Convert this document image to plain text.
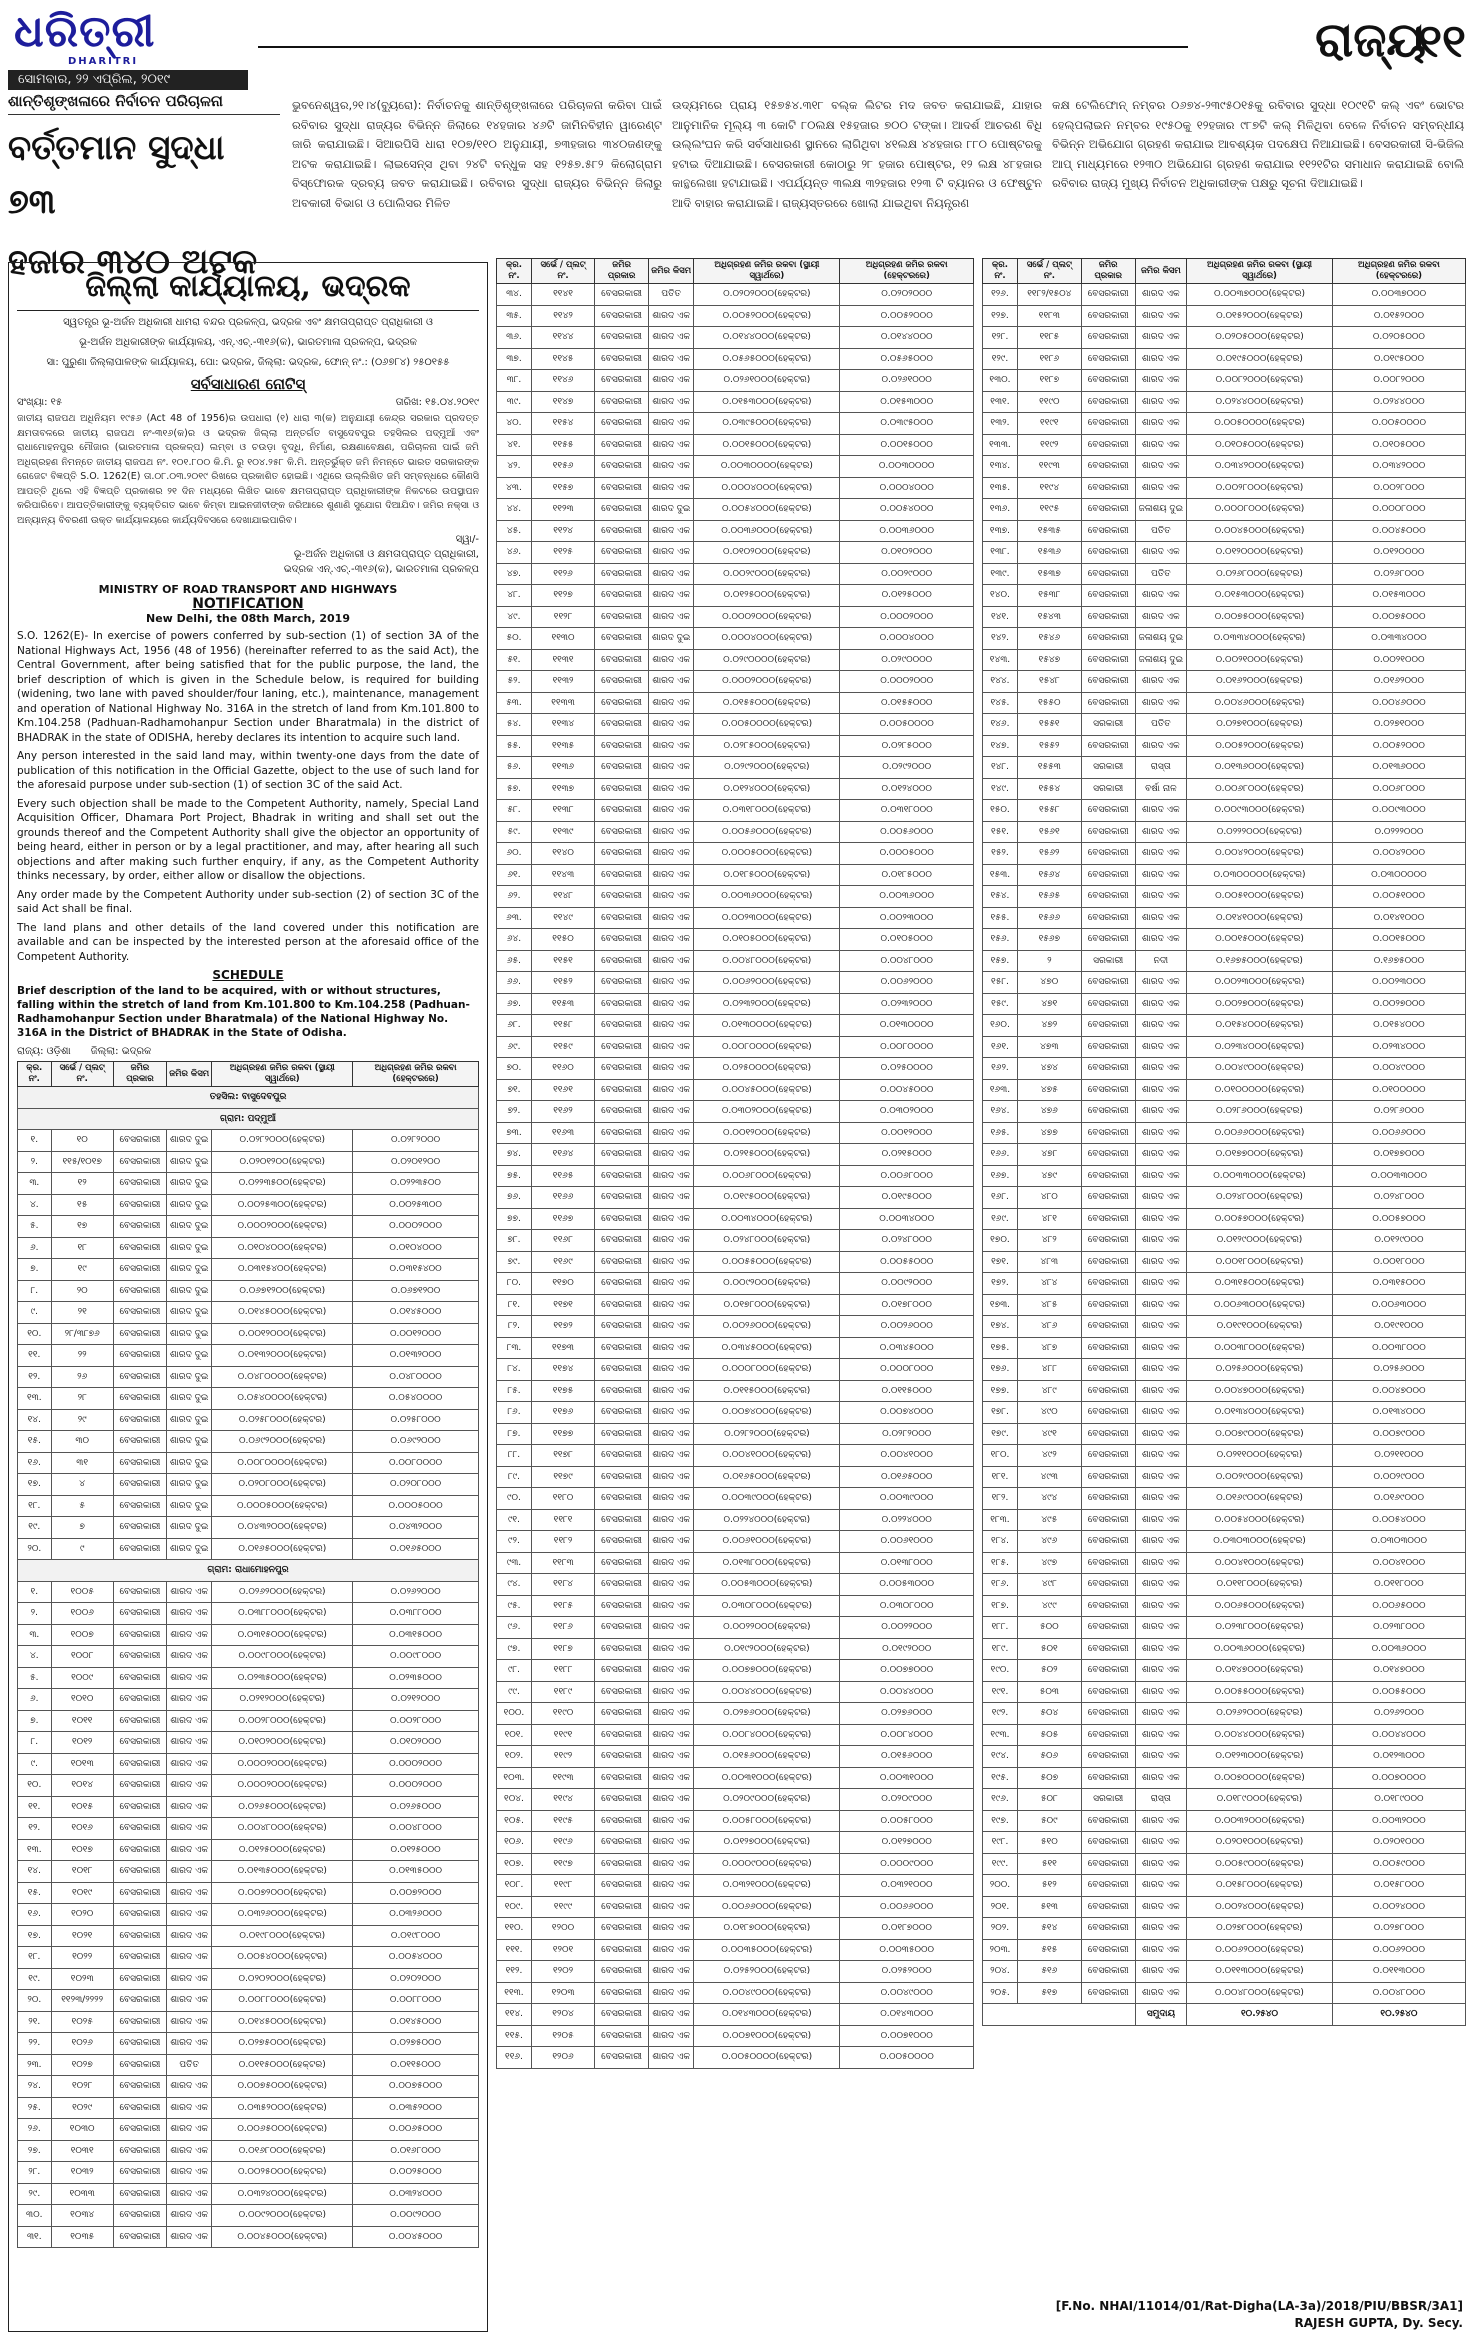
ଧରିତ୍ରୀ
DHARITRI
ସୋମବାର, ୨୨ ଏପ୍ରିଲ, ୨୦୧୯
ରାଜ୍ୟ
୧୧
ଶାନ୍ତିଶୃଙ୍ଖଳାରେ ନିର୍ବାଚନ ପରିଚାଳନା
ବର୍ତ୍ତମାନ ସୁଦ୍ଧା ୭୩
ହଜାର ୩୪୦ ଅଟକ
ଭୁବନେଶ୍ୱର,୨୧।୪(ବ୍ୟୁରୋ): ନିର୍ବାଚନକୁ ଶାନ୍ତିଶୃଙ୍ଖଳାରେ ପରିଚାଳନା କରିବା ପାଇଁ ରବିବାର ସୁଦ୍ଧା ରାଜ୍ୟର ବିଭିନ୍ନ ଜିଲାରେ ୧୪ହଜାର ୪୬ଟି ଜାମିନବିହୀନ ୱାରେଣ୍ଟ ଜାରି କରାଯାଇଛି। ସିଆରପିସି ଧାରା ୧୦୭/୧୧୦ ଅନୁଯାୟୀ, ୭୩ହଜାର ୩୪୦ଜଣଙ୍କୁ ଅଟକ କରାଯାଇଛି। ଲାଇସେନ୍ସ ଥିବା ୨୪ଟି ବନ୍ଧୁକ ସହ ୧୨୫୭.୫୮୨ କିଲୋଗ୍ରାମ ବିସ୍ଫୋରକ ଦ୍ରବ୍ୟ ଜବତ କରାଯାଇଛି। ରବିବାର ସୁଦ୍ଧା ରାଜ୍ୟର ବିଭିନ୍ନ ଜିଲାରୁ ଅବକାରୀ ବିଭାଗ ଓ ପୋଲିସର ମିଳିତ
ଉଦ୍ୟମରେ ପ୍ରାୟ ୧୫୭୫୪.୩୧୮ ବଲ୍କ ଲିଟର ମଦ ଜବତ କରାଯାଇଛି, ଯାହାର ଆନୁମାନିକ ମୂଲ୍ୟ ୩ କୋଟି ୮୦ଲକ୍ଷ ୧୫ହଜାର ୭୦୦ ଟଙ୍କା। ଆଦର୍ଶ ଆଚରଣ ବିଧି ଉଲ୍ଲଂଘନ କରି ସର୍ବସାଧାରଣ ସ୍ଥାନରେ ଲାଗିଥିବା ୪୧ଲକ୍ଷ ୪୪ହଜାର ୮୮୦ ପୋଷ୍ଟରକୁ ହଟାଇ ଦିଆଯାଇଛି। ବେସରକାରୀ କୋଠାରୁ ୨୮ ହଜାର ପୋଷ୍ଟର, ୧୨ ଲକ୍ଷ ୪୮ହଜାର କାନ୍ଥଲେଖା ହଟାଯାଇଛି। ଏପର୍ଯ୍ୟନ୍ତ ୩ଲକ୍ଷ ୩୨ହଜାର ୧୨୩ ଟି ବ୍ୟାନର ଓ ଫେଷ୍ଟୁନ ଆଦି ବାହାର କରାଯାଇଛି। ରାଜ୍ୟସ୍ତରରେ ଖୋଲା ଯାଇଥିବା ନିୟନ୍ତ୍ରଣ
କକ୍ଷ ଟେଲିଫୋନ୍ ନମ୍ବର ୦୬୭୪-୨୩୯୫୦୧୫କୁ ରବିବାର ସୁଦ୍ଧା ୧୦୯୧ଟି କଲ୍ ଏବଂ ଭୋଟର ହେଲ୍ପଲାଇନ ନମ୍ବର ୧୯୫୦କୁ ୧୨ହଜାର ୯୮୭ଟି କଲ୍ ମିଳିଥିବା ବେଳେ ନିର୍ବାଚନ ସମ୍ବନ୍ଧୀୟ ବିଭିନ୍ନ ଅଭିଯୋଗ ଗ୍ରହଣ କରାଯାଇ ଆବଶ୍ୟକ ପଦକ୍ଷେପ ନିଆଯାଇଛି। ବେସରକାରୀ ସି-ଭିଜିଲ ଆପ୍ ମାଧ୍ୟମରେ ୧୨୩୦ ଅଭିଯୋଗ ଗ୍ରହଣ କରାଯାଇ ୧୧୨୧ଟିର ସମାଧାନ କରାଯାଇଛି ବୋଲି ରବିବାର ରାଜ୍ୟ ମୁଖ୍ୟ ନିର୍ବାଚନ ଅଧିକାରୀଙ୍କ ପକ୍ଷରୁ ସୂଚନା ଦିଆଯାଇଛି।
ଜିଲ୍ଲା କାର୍ଯ୍ୟାଳୟ, ଭଦ୍ରକ
ସ୍ୱତନ୍ତ୍ର ଭୂ-ଅର୍ଜନ ଅଧିକାରୀ ଧାମରା ବନ୍ଦର ପ୍ରକଳ୍ପ, ଭଦ୍ରକ ଏବଂ କ୍ଷମତାପ୍ରାପ୍ତ ପ୍ରାଧିକାରୀ ଓ
ଭୂ-ଅର୍ଜନ ଅଧିକାରୀଙ୍କ କାର୍ଯ୍ୟାଳୟ, ଏନ୍.ଏଚ୍.-୩୧୬(କ), ଭାରତମାଳା ପ୍ରକଳ୍ପ, ଭଦ୍ରକ
ସା: ପୁରୁଣା ଜିଲ୍ଲାପାଳଙ୍କ କାର୍ଯ୍ୟାଳୟ, ପୋ: ଭଦ୍ରକ, ଜିଲ୍ଲା: ଭଦ୍ରକ, ଫୋନ୍ ନଂ.: (୦୬୭୮୪) ୨୫୦୧୫୫
ସର୍ବସାଧାରଣ ନୋଟିସ୍
ସଂଖ୍ୟା: ୧୫	ତାରିଖ: ୧୫.୦୪.୨୦୧୯
ଜାତୀୟ ରାଜପଥ ଅଧିନିୟମ ୧୯୫୬ (Act 48 of 1956)ର ଉପଧାରା (୧) ଧାରା ୩(କ) ଅନୁଯାୟୀ କେନ୍ଦ୍ର ସରକାର ପ୍ରଦତ୍ତ କ୍ଷମତାବଳରେ ଜାତୀୟ ରାଜପଥ ନଂ-୩୧୬(କ)ର ଓ ଭଦ୍ରକ ଜିଲ୍ଲା ଅନ୍ତର୍ଗତ ବାସୁଦେବପୁର ତହସିଲର ପଦ୍ମୁଆଁ ଏବଂ ରାଧାମୋହନପୁର ମୌଜାର (ଭାରତମାଳା ପ୍ରକଳ୍ପ) ଲମ୍ବା ଓ ଚଉଡ଼ା ବୃଦ୍ଧି, ନିର୍ମାଣ, ରକ୍ଷଣାବେକ୍ଷଣ, ପରିଚାଳନା ପାଇଁ ଜମି ଅଧିଗ୍ରହଣ ନିମନ୍ତେ ଜାତୀୟ ରାଜପଥ ନଂ. ୧୦୧.୮୦୦ କି.ମି. ରୁ ୧୦୪.୨୫୮ କି.ମି. ଅନ୍ତର୍ଭୁକ୍ତ ଜମି ନିମନ୍ତେ ଭାରତ ସରକାରଙ୍କ ଗେଜେଟ ବିଜ୍ଞପ୍ତି S.O. 1262(E) ତା.୦୮.୦୩.୨୦୧୯ ରିଖରେ ପ୍ରକାଶିତ ହୋଇଛି। ଏଥିରେ ଉଲ୍ଲିଖିତ ଜମି ସମ୍ବନ୍ଧରେ କୌଣସି ଆପତ୍ତି ଥିଲେ ଏହି ବିଜ୍ଞପ୍ତି ପ୍ରକାଶର ୨୧ ଦିନ ମଧ୍ୟରେ ଲିଖିତ ଭାବେ କ୍ଷମତାପ୍ରାପ୍ତ ପ୍ରାଧିକାରୀଙ୍କ ନିକଟରେ ଉପସ୍ଥାପନ କରିପାରିବେ। ଆପତ୍ତିକାରୀଙ୍କୁ ବ୍ୟକ୍ତିଗତ ଭାବେ କିମ୍ବା ଆଇନଜୀବୀଙ୍କ ଜରିଆରେ ଶୁଣାଣି ସୁଯୋଗ ଦିଆଯିବ। ଜମିର ନକ୍ସା ଓ ଅନ୍ୟାନ୍ୟ ବିବରଣୀ ଉକ୍ତ କାର୍ଯ୍ୟାଳୟରେ କାର୍ଯ୍ୟଦିବସରେ ଦେଖାଯାଇପାରିବ।
ସ୍ୱା/-
ଭୂ-ଅର୍ଜନ ଅଧିକାରୀ ଓ କ୍ଷମତାପ୍ରାପ୍ତ ପ୍ରାଧିକାରୀ,
ଭଦ୍ରକ ଏନ୍.ଏଚ୍.-୩୧୬(କ), ଭାରତମାଳା ପ୍ରକଳ୍ପ
MINISTRY OF ROAD TRANSPORT AND HIGHWAYS
NOTIFICATION
New Delhi, the 08th March, 2019
S.O. 1262(E)- In exercise of powers conferred by sub-section (1) of section 3A of the National Highways Act, 1956 (48 of 1956) (hereinafter referred to as the said Act), the Central Government, after being satisfied that for the public purpose, the land, the brief description of which is given in the Schedule below, is required for building (widening, two lane with paved shoulder/four laning, etc.), maintenance, management and operation of National Highway No. 316A in the stretch of land from Km.101.800 to Km.104.258 (Padhuan-Radhamohanpur Section under Bharatmala) in the district of BHADRAK in the state of ODISHA, hereby declares its intention to acquire such land.
Any person interested in the said land may, within twenty-one days from the date of publication of this notification in the Official Gazette, object to the use of such land for the aforesaid purpose under sub-section (1) of section 3C of the said Act.
Every such objection shall be made to the Competent Authority, namely, Special Land Acquisition Officer, Dhamara Port Project, Bhadrak in writing and shall set out the grounds thereof and the Competent Authority shall give the objector an opportunity of being heard, either in person or by a legal practitioner, and may, after hearing all such objections and after making such further enquiry, if any, as the Competent Authority thinks necessary, by order, either allow or disallow the objections.
Any order made by the Competent Authority under sub-section (2) of section 3C of the said Act shall be final.
The land plans and other details of the land covered under this notification are available and can be inspected by the interested person at the aforesaid office of the Competent Authority.
SCHEDULE
Brief description of the land to be acquired, with or without structures, falling within the stretch of land from Km.101.800 to Km.104.258 (Padhuan-Radhamohanpur Section under Bharatmala) of the National Highway No. 316A in the District of BHADRAK in the State of Odisha.
ରାଜ୍ୟ: ଓଡ଼ିଶା ଜିଲ୍ଲା: ଭଦ୍ରକ
କ୍ର. ନଂ.	ସର୍ଭେ / ପ୍ଲଟ୍ ନଂ.	ଜମିର ପ୍ରକାର	ଜମିର କିସମ	ଅଧିଗ୍ରହଣ ଜମିର ରକବା (ସ୍ଥାୟୀ ସ୍ୱାର୍ଥରେ)	ଅଧିଗ୍ରହଣ ଜମିର ରକବା (ହେକ୍ଟରରେ)
ତହସିଲ: ବାସୁଦେବପୁର					
ଗ୍ରାମ: ପଦ୍ମୁଆଁ					
୧.	୧୦	ବେସରକାରୀ	ଶାରଦ ଦୁଇ	୦.୦୨୮୨୦୦୦(ହେକ୍ଟର)	୦.୦୨୮୨୦୦୦
୨.	୧୧୫/୧୦୧୭	ବେସରକାରୀ	ଶାରଦ ଦୁଇ	୦.୦୨୦୧୨୦୦(ହେକ୍ଟର)	୦.୦୨୦୧୨୦୦
୩.	୧୨	ବେସରକାରୀ	ଶାରଦ ଦୁଇ	୦.୦୨୨୩୫୦୦(ହେକ୍ଟର)	୦.୦୨୨୩୫୦୦
୪.	୧୫	ବେସରକାରୀ	ଶାରଦ ଦୁଇ	୦.୦୦୨୫୩୦୦(ହେକ୍ଟର)	୦.୦୦୨୫୩୦୦
୫.	୧୭	ବେସରକାରୀ	ଶାରଦ ଦୁଇ	୦.୦୦୦୨୦୦୦(ହେକ୍ଟର)	୦.୦୦୦୨୦୦୦
୬.	୧୮	ବେସରକାରୀ	ଶାରଦ ଦୁଇ	୦.୦୧୦୪୦୦୦(ହେକ୍ଟର)	୦.୦୧୦୪୦୦୦
୭.	୧୯	ବେସରକାରୀ	ଶାରଦ ଦୁଇ	୦.୦୩୧୫୪୦୦(ହେକ୍ଟର)	୦.୦୩୧୫୪୦୦
୮.	୨୦	ବେସରକାରୀ	ଶାରଦ ଦୁଇ	୦.୦୬୭୧୨୦୦(ହେକ୍ଟର)	୦.୦୬୭୧୨୦୦
୯.	୨୧	ବେସରକାରୀ	ଶାରଦ ଦୁଇ	୦.୦୧୪୫୦୦୦(ହେକ୍ଟର)	୦.୦୧୪୫୦୦୦
୧୦.	୨୮/୩୮୭୬	ବେସରକାରୀ	ଶାରଦ ଦୁଇ	୦.୦୦୧୨୦୦୦(ହେକ୍ଟର)	୦.୦୦୧୨୦୦୦
୧୧.	୨୨	ବେସରକାରୀ	ଶାରଦ ଦୁଇ	୦.୦୧୩୨୦୦୦(ହେକ୍ଟର)	୦.୦୧୩୨୦୦୦
୧୨.	୨୬	ବେସରକାରୀ	ଶାରଦ ଦୁଇ	୦.୦୪୮୦୦୦୦(ହେକ୍ଟର)	୦.୦୪୮୦୦୦୦
୧୩.	୨୮	ବେସରକାରୀ	ଶାରଦ ଦୁଇ	୦.୦୫୪୦୦୦୦(ହେକ୍ଟର)	୦.୦୫୪୦୦୦୦
୧୪.	୨୯	ବେସରକାରୀ	ଶାରଦ ଦୁଇ	୦.୦୨୫୮୦୦୦(ହେକ୍ଟର)	୦.୦୨୫୮୦୦୦
୧୫.	୩୦	ବେସରକାରୀ	ଶାରଦ ଦୁଇ	୦.୦୬୯୨୦୦୦(ହେକ୍ଟର)	୦.୦୬୯୨୦୦୦
୧୬.	୩୧	ବେସରକାରୀ	ଶାରଦ ଦୁଇ	୦.୦୦୮୦୦୦୦(ହେକ୍ଟର)	୦.୦୦୮୦୦୦୦
୧୭.	୪	ବେସରକାରୀ	ଶାରଦ ଦୁଇ	୦.୦୨୦୮୦୦୦(ହେକ୍ଟର)	୦.୦୨୦୮୦୦୦
୧୮.	୫	ବେସରକାରୀ	ଶାରଦ ଦୁଇ	୦.୦୦୦୫୦୦୦(ହେକ୍ଟର)	୦.୦୦୦୫୦୦୦
୧୯.	୭	ବେସରକାରୀ	ଶାରଦ ଦୁଇ	୦.୦୪୩୨୦୦୦(ହେକ୍ଟର)	୦.୦୪୩୨୦୦୦
୨୦.	୯	ବେସରକାରୀ	ଶାରଦ ଦୁଇ	୦.୦୧୬୫୦୦୦(ହେକ୍ଟର)	୦.୦୧୬୫୦୦୦
ଗ୍ରାମ: ରାଧାମୋହନପୁର					
୧.	୧୦୦୫	ବେସରକାରୀ	ଶାରଦ ଏକ	୦.୦୨୬୨୦୦୦(ହେକ୍ଟର)	୦.୦୨୬୨୦୦୦
୨.	୧୦୦୬	ବେସରକାରୀ	ଶାରଦ ଏକ	୦.୦୩୮୮୦୦୦(ହେକ୍ଟର)	୦.୦୩୮୮୦୦୦
୩.	୧୦୦୭	ବେସରକାରୀ	ଶାରଦ ଏକ	୦.୦୩୧୫୦୦୦(ହେକ୍ଟର)	୦.୦୩୧୫୦୦୦
୪.	୧୦୦୮	ବେସରକାରୀ	ଶାରଦ ଏକ	୦.୦୦୯୮୦୦୦(ହେକ୍ଟର)	୦.୦୦୯୮୦୦୦
୫.	୧୦୦୯	ବେସରକାରୀ	ଶାରଦ ଏକ	୦.୦୨୩୫୦୦୦(ହେକ୍ଟର)	୦.୦୨୩୫୦୦୦
୬.	୧୦୧୦	ବେସରକାରୀ	ଶାରଦ ଏକ	୦.୦୨୧୨୦୦୦(ହେକ୍ଟର)	୦.୦୨୧୨୦୦୦
୭.	୧୦୧୧	ବେସରକାରୀ	ଶାରଦ ଏକ	୦.୦୦୨୮୦୦୦(ହେକ୍ଟର)	୦.୦୦୨୮୦୦୦
୮.	୧୦୧୨	ବେସରକାରୀ	ଶାରଦ ଏକ	୦.୦୧୦୨୦୦୦(ହେକ୍ଟର)	୦.୦୧୦୨୦୦୦
୯.	୧୦୧୩	ବେସରକାରୀ	ଶାରଦ ଏକ	୦.୦୦୦୨୦୦୦(ହେକ୍ଟର)	୦.୦୦୦୨୦୦୦
୧୦.	୧୦୧୪	ବେସରକାରୀ	ଶାରଦ ଏକ	୦.୦୦୦୨୦୦୦(ହେକ୍ଟର)	୦.୦୦୦୨୦୦୦
୧୧.	୧୦୧୫	ବେସରକାରୀ	ଶାରଦ ଏକ	୦.୦୨୬୫୦୦୦(ହେକ୍ଟର)	୦.୦୨୬୫୦୦୦
୧୨.	୧୦୧୬	ବେସରକାରୀ	ଶାରଦ ଏକ	୦.୦୦୪୮୦୦୦(ହେକ୍ଟର)	୦.୦୦୪୮୦୦୦
୧୩.	୧୦୧୭	ବେସରକାରୀ	ଶାରଦ ଏକ	୦.୦୧୨୫୦୦୦(ହେକ୍ଟର)	୦.୦୧୨୫୦୦୦
୧୪.	୧୦୧୮	ବେସରକାରୀ	ଶାରଦ ଏକ	୦.୦୧୩୫୦୦୦(ହେକ୍ଟର)	୦.୦୧୩୫୦୦୦
୧୫.	୧୦୧୯	ବେସରକାରୀ	ଶାରଦ ଏକ	୦.୦୦୭୨୦୦୦(ହେକ୍ଟର)	୦.୦୦୭୨୦୦୦
୧୬.	୧୦୨୦	ବେସରକାରୀ	ଶାରଦ ଏକ	୦.୦୩୨୬୦୦୦(ହେକ୍ଟର)	୦.୦୩୨୬୦୦୦
୧୭.	୧୦୨୧	ବେସରକାରୀ	ଶାରଦ ଏକ	୦.୦୧୯୮୦୦୦(ହେକ୍ଟର)	୦.୦୧୯୮୦୦୦
୧୮.	୧୦୨୨	ବେସରକାରୀ	ଶାରଦ ଏକ	୦.୦୦୫୪୦୦୦(ହେକ୍ଟର)	୦.୦୦୫୪୦୦୦
୧୯.	୧୦୨୩	ବେସରକାରୀ	ଶାରଦ ଏକ	୦.୦୨୦୨୦୦୦(ହେକ୍ଟର)	୦.୦୨୦୨୦୦୦
୨୦.	୧୧୨୩/୨୨୨୨	ବେସରକାରୀ	ଶାରଦ ଏକ	୦.୦୦୮୮୦୦୦(ହେକ୍ଟର)	୦.୦୦୮୮୦୦୦
୨୧.	୧୦୨୫	ବେସରକାରୀ	ଶାରଦ ଏକ	୦.୦୧୪୫୦୦୦(ହେକ୍ଟର)	୦.୦୧୪୫୦୦୦
୨୨.	୧୦୨୬	ବେସରକାରୀ	ଶାରଦ ଏକ	୦.୦୨୭୫୦୦୦(ହେକ୍ଟର)	୦.୦୨୭୫୦୦୦
୨୩.	୧୦୨୭	ବେସରକାରୀ	ପତିତ	୦.୦୧୧୫୦୦୦(ହେକ୍ଟର)	୦.୦୧୧୫୦୦୦
୨୪.	୧୦୨୮	ବେସରକାରୀ	ଶାରଦ ଏକ	୦.୦୦୭୫୦୦୦(ହେକ୍ଟର)	୦.୦୦୭୫୦୦୦
୨୫.	୧୦୨୯	ବେସରକାରୀ	ଶାରଦ ଏକ	୦.୦୩୫୨୦୦୦(ହେକ୍ଟର)	୦.୦୩୫୨୦୦୦
୨୬.	୧୦୩୦	ବେସରକାରୀ	ଶାରଦ ଏକ	୦.୦୦୬୫୦୦୦(ହେକ୍ଟର)	୦.୦୦୬୫୦୦୦
୨୭.	୧୦୩୧	ବେସରକାରୀ	ଶାରଦ ଏକ	୦.୦୧୬୮୦୦୦(ହେକ୍ଟର)	୦.୦୧୬୮୦୦୦
୨୮.	୧୦୩୨	ବେସରକାରୀ	ଶାରଦ ଏକ	୦.୦୦୨୫୦୦୦(ହେକ୍ଟର)	୦.୦୦୨୫୦୦୦
୨୯.	୧୦୩୩	ବେସରକାରୀ	ଶାରଦ ଏକ	୦.୦୩୨୪୦୦୦(ହେକ୍ଟର)	୦.୦୩୨୪୦୦୦
୩୦.	୧୦୩୪	ବେସରକାରୀ	ଶାରଦ ଏକ	୦.୦୦୯୨୦୦୦(ହେକ୍ଟର)	୦.୦୦୯୨୦୦୦
୩୧.	୧୦୩୫	ବେସରକାରୀ	ଶାରଦ ଏକ	୦.୦୦୪୫୦୦୦(ହେକ୍ଟର)	୦.୦୦୪୫୦୦୦
କ୍ର. ନଂ.	ସର୍ଭେ / ପ୍ଲଟ୍ ନଂ.	ଜମିର ପ୍ରକାର	ଜମିର କିସମ	ଅଧିଗ୍ରହଣ ଜମିର ରକବା (ସ୍ଥାୟୀ ସ୍ୱାର୍ଥରେ)	ଅଧିଗ୍ରହଣ ଜମିର ରକବା (ହେକ୍ଟରରେ)
୩୪.	୧୧୪୧	ବେସରକାରୀ	ପତିତ	୦.୦୨୦୨୦୦୦(ହେକ୍ଟର)	୦.୦୨୦୨୦୦୦
୩୫.	୧୧୪୨	ବେସରକାରୀ	ଶାରଦ ଏକ	୦.୦୦୫୨୦୦୦(ହେକ୍ଟର)	୦.୦୦୫୨୦୦୦
୩୬.	୧୧୪୪	ବେସରକାରୀ	ଶାରଦ ଏକ	୦.୦୧୪୪୦୦୦(ହେକ୍ଟର)	୦.୦୧୪୪୦୦୦
୩୭.	୧୧୪୫	ବେସରକାରୀ	ଶାରଦ ଏକ	୦.୦୫୬୫୦୦୦(ହେକ୍ଟର)	୦.୦୫୬୫୦୦୦
୩୮.	୧୧୪୬	ବେସରକାରୀ	ଶାରଦ ଏକ	୦.୦୨୬୧୦୦୦(ହେକ୍ଟର)	୦.୦୨୬୧୦୦୦
୩୯.	୧୧୪୭	ବେସରକାରୀ	ଶାରଦ ଏକ	୦.୦୧୫୩୦୦୦(ହେକ୍ଟର)	୦.୦୧୫୩୦୦୦
୪୦.	୧୧୫୪	ବେସରକାରୀ	ଶାରଦ ଏକ	୦.୦୩୯୫୦୦୦(ହେକ୍ଟର)	୦.୦୩୯୫୦୦୦
୪୧.	୧୧୫୫	ବେସରକାରୀ	ଶାରଦ ଏକ	୦.୦୦୧୫୦୦୦(ହେକ୍ଟର)	୦.୦୦୧୫୦୦୦
୪୨.	୧୧୫୬	ବେସରକାରୀ	ଶାରଦ ଏକ	୦.୦୦୩୦୦୦୦(ହେକ୍ଟର)	୦.୦୦୩୦୦୦୦
୪୩.	୧୧୫୭	ବେସରକାରୀ	ଶାରଦ ଏକ	୦.୦୦୦୪୦୦୦(ହେକ୍ଟର)	୦.୦୦୦୪୦୦୦
୪୪.	୧୧୨୩	ବେସରକାରୀ	ଶାରଦ ଦୁଇ	୦.୦୦୫୪୦୦୦(ହେକ୍ଟର)	୦.୦୦୫୪୦୦୦
୪୫.	୧୧୨୪	ବେସରକାରୀ	ଶାରଦ ଏକ	୦.୦୦୩୬୦୦୦(ହେକ୍ଟର)	୦.୦୦୩୬୦୦୦
୪୬.	୧୧୨୫	ବେସରକାରୀ	ଶାରଦ ଏକ	୦.୦୧୦୨୦୦୦(ହେକ୍ଟର)	୦.୦୧୦୨୦୦୦
୪୭.	୧୧୨୬	ବେସରକାରୀ	ଶାରଦ ଏକ	୦.୦୦୨୯୦୦୦(ହେକ୍ଟର)	୦.୦୦୨୯୦୦୦
୪୮.	୧୧୨୭	ବେସରକାରୀ	ଶାରଦ ଏକ	୦.୦୧୨୫୦୦୦(ହେକ୍ଟର)	୦.୦୧୨୫୦୦୦
୪୯.	୧୧୨୮	ବେସରକାରୀ	ଶାରଦ ଏକ	୦.୦୦୦୨୦୦୦(ହେକ୍ଟର)	୦.୦୦୦୨୦୦୦
୫୦.	୧୧୩୦	ବେସରକାରୀ	ଶାରଦ ଦୁଇ	୦.୦୦୦୪୦୦୦(ହେକ୍ଟର)	୦.୦୦୦୪୦୦୦
୫୧.	୧୧୩୧	ବେସରକାରୀ	ଶାରଦ ଏକ	୦.୦୨୯୦୦୦୦(ହେକ୍ଟର)	୦.୦୨୯୦୦୦୦
୫୨.	୧୧୩୨	ବେସରକାରୀ	ଶାରଦ ଏକ	୦.୦୦୦୨୦୦୦(ହେକ୍ଟର)	୦.୦୦୦୨୦୦୦
୫୩.	୧୧୩୩	ବେସରକାରୀ	ଶାରଦ ଏକ	୦.୦୧୫୫୦୦୦(ହେକ୍ଟର)	୦.୦୧୫୫୦୦୦
୫୪.	୧୧୩୪	ବେସରକାରୀ	ଶାରଦ ଏକ	୦.୦୦୫୦୦୦୦(ହେକ୍ଟର)	୦.୦୦୫୦୦୦୦
୫୫.	୧୧୩୫	ବେସରକାରୀ	ଶାରଦ ଏକ	୦.୦୨୮୫୦୦୦(ହେକ୍ଟର)	୦.୦୨୮୫୦୦୦
୫୬.	୧୧୩୬	ବେସରକାରୀ	ଶାରଦ ଏକ	୦.୦୨୯୨୦୦୦(ହେକ୍ଟର)	୦.୦୨୯୨୦୦୦
୫୭.	୧୧୩୭	ବେସରକାରୀ	ଶାରଦ ଏକ	୦.୦୧୨୪୦୦୦(ହେକ୍ଟର)	୦.୦୧୨୪୦୦୦
୫୮.	୧୧୩୮	ବେସରକାରୀ	ଶାରଦ ଏକ	୦.୦୩୧୮୦୦୦(ହେକ୍ଟର)	୦.୦୩୧୮୦୦୦
୫୯.	୧୧୩୯	ବେସରକାରୀ	ଶାରଦ ଏକ	୦.୦୦୫୬୦୦୦(ହେକ୍ଟର)	୦.୦୦୫୬୦୦୦
୬୦.	୧୧୪୦	ବେସରକାରୀ	ଶାରଦ ଏକ	୦.୦୦୦୫୦୦୦(ହେକ୍ଟର)	୦.୦୦୦୫୦୦୦
୬୧.	୧୧୪୩	ବେସରକାରୀ	ଶାରଦ ଏକ	୦.୦୧୮୫୦୦୦(ହେକ୍ଟର)	୦.୦୧୮୫୦୦୦
୬୨.	୧୧୪୮	ବେସରକାରୀ	ଶାରଦ ଏକ	୦.୦୦୩୬୦୦୦(ହେକ୍ଟର)	୦.୦୦୩୬୦୦୦
୬୩.	୧୧୪୯	ବେସରକାରୀ	ଶାରଦ ଏକ	୦.୦୦୨୩୦୦୦(ହେକ୍ଟର)	୦.୦୦୨୩୦୦୦
୬୪.	୧୧୫୦	ବେସରକାରୀ	ଶାରଦ ଏକ	୦.୦୧୦୫୦୦୦(ହେକ୍ଟର)	୦.୦୧୦୫୦୦୦
୬୫.	୧୧୫୧	ବେସରକାରୀ	ଶାରଦ ଏକ	୦.୦୦୪୮୦୦୦(ହେକ୍ଟର)	୦.୦୦୪୮୦୦୦
୬୬.	୧୧୫୨	ବେସରକାରୀ	ଶାରଦ ଏକ	୦.୦୦୬୨୦୦୦(ହେକ୍ଟର)	୦.୦୦୬୨୦୦୦
୬୭.	୧୧୫୩	ବେସରକାରୀ	ଶାରଦ ଏକ	୦.୦୨୩୨୦୦୦(ହେକ୍ଟର)	୦.୦୨୩୨୦୦୦
୬୮.	୧୧୫୮	ବେସରକାରୀ	ଶାରଦ ଏକ	୦.୦୧୩୦୦୦୦(ହେକ୍ଟର)	୦.୦୧୩୦୦୦୦
୬୯.	୧୧୫୯	ବେସରକାରୀ	ଶାରଦ ଏକ	୦.୦୦୮୦୦୦୦(ହେକ୍ଟର)	୦.୦୦୮୦୦୦୦
୭୦.	୧୧୬୦	ବେସରକାରୀ	ଶାରଦ ଏକ	୦.୦୨୫୦୦୦୦(ହେକ୍ଟର)	୦.୦୨୫୦୦୦୦
୭୧.	୧୧୬୧	ବେସରକାରୀ	ଶାରଦ ଏକ	୦.୦୦୪୫୦୦୦(ହେକ୍ଟର)	୦.୦୦୪୫୦୦୦
୭୨.	୧୧୬୨	ବେସରକାରୀ	ଶାରଦ ଏକ	୦.୦୩୦୨୦୦୦(ହେକ୍ଟର)	୦.୦୩୦୨୦୦୦
୭୩.	୧୧୬୩	ବେସରକାରୀ	ଶାରଦ ଏକ	୦.୦୦୧୨୦୦୦(ହେକ୍ଟର)	୦.୦୦୧୨୦୦୦
୭୪.	୧୧୬୪	ବେସରକାରୀ	ଶାରଦ ଏକ	୦.୦୨୧୫୦୦୦(ହେକ୍ଟର)	୦.୦୨୧୫୦୦୦
୭୫.	୧୧୬୫	ବେସରକାରୀ	ଶାରଦ ଏକ	୦.୦୦୬୮୦୦୦(ହେକ୍ଟର)	୦.୦୦୬୮୦୦୦
୭୬.	୧୧୬୬	ବେସରକାରୀ	ଶାରଦ ଏକ	୦.୦୧୯୫୦୦୦(ହେକ୍ଟର)	୦.୦୧୯୫୦୦୦
୭୭.	୧୧୬୭	ବେସରକାରୀ	ଶାରଦ ଏକ	୦.୦୦୩୪୦୦୦(ହେକ୍ଟର)	୦.୦୦୩୪୦୦୦
୭୮.	୧୧୬୮	ବେସରକାରୀ	ଶାରଦ ଏକ	୦.୦୨୪୮୦୦୦(ହେକ୍ଟର)	୦.୦୨୪୮୦୦୦
୭୯.	୧୧୬୯	ବେସରକାରୀ	ଶାରଦ ଏକ	୦.୦୦୫୫୦୦୦(ହେକ୍ଟର)	୦.୦୦୫୫୦୦୦
୮୦.	୧୧୭୦	ବେସରକାରୀ	ଶାରଦ ଏକ	୦.୦୦୯୨୦୦୦(ହେକ୍ଟର)	୦.୦୦୯୨୦୦୦
୮୧.	୧୧୭୧	ବେସରକାରୀ	ଶାରଦ ଏକ	୦.୦୧୭୮୦୦୦(ହେକ୍ଟର)	୦.୦୧୭୮୦୦୦
୮୨.	୧୧୭୨	ବେସରକାରୀ	ଶାରଦ ଏକ	୦.୦୦୨୬୦୦୦(ହେକ୍ଟର)	୦.୦୦୨୬୦୦୦
୮୩.	୧୧୭୩	ବେସରକାରୀ	ଶାରଦ ଏକ	୦.୦୩୪୫୦୦୦(ହେକ୍ଟର)	୦.୦୩୪୫୦୦୦
୮୪.	୧୧୭୪	ବେସରକାରୀ	ଶାରଦ ଏକ	୦.୦୦୦୮୦୦୦(ହେକ୍ଟର)	୦.୦୦୦୮୦୦୦
୮୫.	୧୧୭୫	ବେସରକାରୀ	ଶାରଦ ଏକ	୦.୦୧୧୫୦୦୦(ହେକ୍ଟର)	୦.୦୧୧୫୦୦୦
୮୬.	୧୧୭୬	ବେସରକାରୀ	ଶାରଦ ଏକ	୦.୦୦୭୪୦୦୦(ହେକ୍ଟର)	୦.୦୦୭୪୦୦୦
୮୭.	୧୧୭୭	ବେସରକାରୀ	ଶାରଦ ଏକ	୦.୦୨୮୨୦୦୦(ହେକ୍ଟର)	୦.୦୨୮୨୦୦୦
୮୮.	୧୧୭୮	ବେସରକାରୀ	ଶାରଦ ଏକ	୦.୦୦୪୧୦୦୦(ହେକ୍ଟର)	୦.୦୦୪୧୦୦୦
୮୯.	୧୧୭୯	ବେସରକାରୀ	ଶାରଦ ଏକ	୦.୦୧୬୫୦୦୦(ହେକ୍ଟର)	୦.୦୧୬୫୦୦୦
୯୦.	୧୧୮୦	ବେସରକାରୀ	ଶାରଦ ଏକ	୦.୦୦୩୯୦୦୦(ହେକ୍ଟର)	୦.୦୦୩୯୦୦୦
୯୧.	୧୧୮୧	ବେସରକାରୀ	ଶାରଦ ଏକ	୦.୦୨୨୪୦୦୦(ହେକ୍ଟର)	୦.୦୨୨୪୦୦୦
୯୨.	୧୧୮୨	ବେସରକାରୀ	ଶାରଦ ଏକ	୦.୦୦୬୧୦୦୦(ହେକ୍ଟର)	୦.୦୦୬୧୦୦୦
୯୩.	୧୧୮୩	ବେସରକାରୀ	ଶାରଦ ଏକ	୦.୦୧୩୮୦୦୦(ହେକ୍ଟର)	୦.୦୧୩୮୦୦୦
୯୪.	୧୧୮୪	ବେସରକାରୀ	ଶାରଦ ଏକ	୦.୦୦୫୩୦୦୦(ହେକ୍ଟର)	୦.୦୦୫୩୦୦୦
୯୫.	୧୧୮୫	ବେସରକାରୀ	ଶାରଦ ଏକ	୦.୦୩୦୮୦୦୦(ହେକ୍ଟର)	୦.୦୩୦୮୦୦୦
୯୬.	୧୧୮୬	ବେସରକାରୀ	ଶାରଦ ଏକ	୦.୦୦୨୨୦୦୦(ହେକ୍ଟର)	୦.୦୦୨୨୦୦୦
୯୭.	୧୧୮୭	ବେସରକାରୀ	ଶାରଦ ଏକ	୦.୦୧୯୨୦୦୦(ହେକ୍ଟର)	୦.୦୧୯୨୦୦୦
୯୮.	୧୧୮୮	ବେସରକାରୀ	ଶାରଦ ଏକ	୦.୦୦୭୭୦୦୦(ହେକ୍ଟର)	୦.୦୦୭୭୦୦୦
୯୯.	୧୧୮୯	ବେସରକାରୀ	ଶାରଦ ଏକ	୦.୦୦୪୪୦୦୦(ହେକ୍ଟର)	୦.୦୦୪୪୦୦୦
୧୦୦.	୧୧୯୦	ବେସରକାରୀ	ଶାରଦ ଏକ	୦.୦୨୭୬୦୦୦(ହେକ୍ଟର)	୦.୦୨୭୬୦୦୦
୧୦୧.	୧୧୯୧	ବେସରକାରୀ	ଶାରଦ ଏକ	୦.୦୦୮୪୦୦୦(ହେକ୍ଟର)	୦.୦୦୮୪୦୦୦
୧୦୨.	୧୧୯୨	ବେସରକାରୀ	ଶାରଦ ଏକ	୦.୦୧୫୬୦୦୦(ହେକ୍ଟର)	୦.୦୧୫୬୦୦୦
୧୦୩.	୧୧୯୩	ବେସରକାରୀ	ଶାରଦ ଏକ	୦.୦୦୩୧୦୦୦(ହେକ୍ଟର)	୦.୦୦୩୧୦୦୦
୧୦୪.	୧୧୯୪	ବେସରକାରୀ	ଶାରଦ ଏକ	୦.୦୨୦୯୦୦୦(ହେକ୍ଟର)	୦.୦୨୦୯୦୦୦
୧୦୫.	୧୧୯୫	ବେସରକାରୀ	ଶାରଦ ଏକ	୦.୦୦୫୮୦୦୦(ହେକ୍ଟର)	୦.୦୦୫୮୦୦୦
୧୦୬.	୧୧୯୬	ବେସରକାରୀ	ଶାରଦ ଏକ	୦.୦୧୨୭୦୦୦(ହେକ୍ଟର)	୦.୦୧୨୭୦୦୦
୧୦୭.	୧୧୯୭	ବେସରକାରୀ	ଶାରଦ ଏକ	୦.୦୦୦୯୦୦୦(ହେକ୍ଟର)	୦.୦୦୦୯୦୦୦
୧୦୮.	୧୧୯୮	ବେସରକାରୀ	ଶାରଦ ଏକ	୦.୦୩୨୧୦୦୦(ହେକ୍ଟର)	୦.୦୩୨୧୦୦୦
୧୦୯.	୧୧୯୯	ବେସରକାରୀ	ଶାରଦ ଏକ	୦.୦୦୬୬୦୦୦(ହେକ୍ଟର)	୦.୦୦୬୬୦୦୦
୧୧୦.	୧୨୦୦	ବେସରକାରୀ	ଶାରଦ ଏକ	୦.୦୧୮୭୦୦୦(ହେକ୍ଟର)	୦.୦୧୮୭୦୦୦
୧୧୧.	୧୨୦୧	ବେସରକାରୀ	ଶାରଦ ଏକ	୦.୦୦୩୫୦୦୦(ହେକ୍ଟର)	୦.୦୦୩୫୦୦୦
୧୧୨.	୧୨୦୨	ବେସରକାରୀ	ଶାରଦ ଏକ	୦.୦୨୫୨୦୦୦(ହେକ୍ଟର)	୦.୦୨୫୨୦୦୦
୧୧୩.	୧୨୦୩	ବେସରକାରୀ	ଶାରଦ ଏକ	୦.୦୦୪୯୦୦୦(ହେକ୍ଟର)	୦.୦୦୪୯୦୦୦
୧୧୪.	୧୨୦୪	ବେସରକାରୀ	ଶାରଦ ଏକ	୦.୦୧୪୩୦୦୦(ହେକ୍ଟର)	୦.୦୧୪୩୦୦୦
୧୧୫.	୧୨୦୫	ବେସରକାରୀ	ଶାରଦ ଏକ	୦.୦୦୭୧୦୦୦(ହେକ୍ଟର)	୦.୦୦୭୧୦୦୦
୧୧୬.	୧୨୦୬	ବେସରକାରୀ	ଶାରଦ ଏକ	୦.୦୦୫୦୦୦୦(ହେକ୍ଟର)	୦.୦୦୫୦୦୦୦
କ୍ର. ନଂ.	ସର୍ଭେ / ପ୍ଲଟ୍ ନଂ.	ଜମିର ପ୍ରକାର	ଜମିର କିସମ	ଅଧିଗ୍ରହଣ ଜମିର ରକବା (ସ୍ଥାୟୀ ସ୍ୱାର୍ଥରେ)	ଅଧିଗ୍ରହଣ ଜମିର ରକବା (ହେକ୍ଟରରେ)
୧୨୬.	୧୧୮୨/୧୫୦୪	ବେସରକାରୀ	ଶାରଦ ଏକ	୦.୦୦୩୭୦୦୦(ହେକ୍ଟର)	୦.୦୦୩୭୦୦୦
୧୨୭.	୧୧୮୩	ବେସରକାରୀ	ଶାରଦ ଏକ	୦.୦୧୫୨୦୦୦(ହେକ୍ଟର)	୦.୦୧୫୨୦୦୦
୧୨୮.	୧୧୮୫	ବେସରକାରୀ	ଶାରଦ ଏକ	୦.୦୨୦୫୦୦୦(ହେକ୍ଟର)	୦.୦୨୦୫୦୦୦
୧୨୯.	୧୧୮୬	ବେସରକାରୀ	ଶାରଦ ଏକ	୦.୦୧୯୫୦୦୦(ହେକ୍ଟର)	୦.୦୧୯୫୦୦୦
୧୩୦.	୧୧୮୭	ବେସରକାରୀ	ଶାରଦ ଏକ	୦.୦୦୮୨୦୦୦(ହେକ୍ଟର)	୦.୦୦୮୨୦୦୦
୧୩୧.	୧୧୯୦	ବେସରକାରୀ	ଶାରଦ ଏକ	୦.୦୨୪୪୦୦୦(ହେକ୍ଟର)	୦.୦୨୪୪୦୦୦
୧୩୨.	୧୧୯୧	ବେସରକାରୀ	ଶାରଦ ଏକ	୦.୦୦୫୦୦୦୦(ହେକ୍ଟର)	୦.୦୦୫୦୦୦୦
୧୩୩.	୧୧୯୨	ବେସରକାରୀ	ଶାରଦ ଏକ	୦.୦୧୦୫୦୦୦(ହେକ୍ଟର)	୦.୦୧୦୫୦୦୦
୧୩୪.	୧୧୯୩	ବେସରକାରୀ	ଶାରଦ ଏକ	୦.୦୩୪୨୦୦୦(ହେକ୍ଟର)	୦.୦୩୪୨୦୦୦
୧୩୫.	୧୧୯୪	ବେସରକାରୀ	ଶାରଦ ଏକ	୦.୦୦୨୮୦୦୦(ହେକ୍ଟର)	୦.୦୦୨୮୦୦୦
୧୩୬.	୧୧୯୫	ବେସରକାରୀ	ଜଳାଶୟ ଦୁଇ	୦.୦୦୦୮୦୦୦(ହେକ୍ଟର)	୦.୦୦୦୮୦୦୦
୧୩୭.	୧୫୩୫	ବେସରକାରୀ	ପତିତ	୦.୦୦୪୫୦୦୦(ହେକ୍ଟର)	୦.୦୦୪୫୦୦୦
୧୩୮.	୧୫୩୬	ବେସରକାରୀ	ଶାରଦ ଏକ	୦.୦୧୨୦୦୦୦(ହେକ୍ଟର)	୦.୦୧୨୦୦୦୦
୧୩୯.	୧୫୩୭	ବେସରକାରୀ	ପତିତ	୦.୦୨୬୮୦୦୦(ହେକ୍ଟର)	୦.୦୨୬୮୦୦୦
୧୪୦.	୧୫୩୮	ବେସରକାରୀ	ଶାରଦ ଏକ	୦.୦୧୫୩୦୦୦(ହେକ୍ଟର)	୦.୦୧୫୩୦୦୦
୧୪୧.	୧୫୪୩	ବେସରକାରୀ	ଶାରଦ ଏକ	୦.୦୦୭୫୦୦୦(ହେକ୍ଟର)	୦.୦୦୭୫୦୦୦
୧୪୨.	୧୫୪୬	ବେସରକାରୀ	ଜଳାଶୟ ଦୁଇ	୦.୦୩୩୪୦୦୦(ହେକ୍ଟର)	୦.୦୩୩୪୦୦୦
୧୪୩.	୧୫୪୭	ବେସରକାରୀ	ଜଳାଶୟ ଦୁଇ	୦.୦୦୨୧୦୦୦(ହେକ୍ଟର)	୦.୦୦୨୧୦୦୦
୧୪୪.	୧୫୪୮	ବେସରକାରୀ	ଶାରଦ ଏକ	୦.୦୧୬୨୦୦୦(ହେକ୍ଟର)	୦.୦୧୬୨୦୦୦
୧୪୫.	୧୫୫୦	ବେସରକାରୀ	ଶାରଦ ଏକ	୦.୦୦୪୬୦୦୦(ହେକ୍ଟର)	୦.୦୦୪୬୦୦୦
୧୪୬.	୧୫୫୧	ସରକାରୀ	ପତିତ	୦.୦୨୭୧୦୦୦(ହେକ୍ଟର)	୦.୦୨୭୧୦୦୦
୧୪୭.	୧୫୫୨	ବେସରକାରୀ	ଶାରଦ ଏକ	୦.୦୦୫୨୦୦୦(ହେକ୍ଟର)	୦.୦୦୫୨୦୦୦
୧୪୮.	୧୫୫୩	ସରକାରୀ	ରାସ୍ତା	୦.୦୧୩୬୦୦୦(ହେକ୍ଟର)	୦.୦୧୩୬୦୦୦
୧୪୯.	୧୫୫୪	ସରକାରୀ	ବର୍ଷା ନାଳ	୦.୦୦୬୮୦୦୦(ହେକ୍ଟର)	୦.୦୦୬୮୦୦୦
୧୫୦.	୧୫୫୮	ବେସରକାରୀ	ଶାରଦ ଏକ	୦.୦୦୯୩୦୦୦(ହେକ୍ଟର)	୦.୦୦୯୩୦୦୦
୧୫୧.	୧୫୬୧	ବେସରକାରୀ	ଶାରଦ ଏକ	୦.୦୨୨୨୦୦୦(ହେକ୍ଟର)	୦.୦୨୨୨୦୦୦
୧୫୨.	୧୫୬୨	ବେସରକାରୀ	ଶାରଦ ଏକ	୦.୦୦୪୨୦୦୦(ହେକ୍ଟର)	୦.୦୦୪୨୦୦୦
୧୫୩.	୧୫୬୪	ବେସରକାରୀ	ଶାରଦ ଏକ	୦.୦୩୦୦୦୦୦(ହେକ୍ଟର)	୦.୦୩୦୦୦୦୦
୧୫୪.	୧୫୬୫	ବେସରକାରୀ	ଶାରଦ ଏକ	୦.୦୦୫୧୦୦୦(ହେକ୍ଟର)	୦.୦୦୫୧୦୦୦
୧୫୫.	୧୫୬୬	ବେସରକାରୀ	ଶାରଦ ଏକ	୦.୦୧୪୧୦୦୦(ହେକ୍ଟର)	୦.୦୧୪୧୦୦୦
୧୫୬.	୧୫୬୭	ବେସରକାରୀ	ଶାରଦ ଏକ	୦.୦୦୧୫୦୦୦(ହେକ୍ଟର)	୦.୦୦୧୫୦୦୦
୧୫୭.	୨	ସରକାରୀ	ନଦୀ	୦.୧୬୭୫୦୦୦(ହେକ୍ଟର)	୦.୧୬୭୫୦୦୦
୧୫୮.	୪୭୦	ବେସରକାରୀ	ଶାରଦ ଏକ	୦.୦୦୨୩୦୦୦(ହେକ୍ଟର)	୦.୦୦୨୩୦୦୦
୧୫୯.	୪୭୧	ବେସରକାରୀ	ଶାରଦ ଏକ	୦.୦୦୨୭୦୦୦(ହେକ୍ଟର)	୦.୦୦୨୭୦୦୦
୧୬୦.	୪୭୨	ବେସରକାରୀ	ଶାରଦ ଏକ	୦.୦୧୫୪୦୦୦(ହେକ୍ଟର)	୦.୦୧୫୪୦୦୦
୧୬୧.	୪୭୩	ବେସରକାରୀ	ଶାରଦ ଏକ	୦.୦୨୩୪୦୦୦(ହେକ୍ଟର)	୦.୦୨୩୪୦୦୦
୧୬୨.	୪୭୪	ବେସରକାରୀ	ଶାରଦ ଏକ	୦.୦୦୪୯୦୦୦(ହେକ୍ଟର)	୦.୦୦୪୯୦୦୦
୧୬୩.	୪୭୫	ବେସରକାରୀ	ଶାରଦ ଏକ	୦.୦୧୦୦୦୦୦(ହେକ୍ଟର)	୦.୦୧୦୦୦୦୦
୧୬୪.	୪୭୬	ବେସରକାରୀ	ଶାରଦ ଏକ	୦.୦୨୮୬୦୦୦(ହେକ୍ଟର)	୦.୦୨୮୬୦୦୦
୧୬୫.	୪୭୭	ବେସରକାରୀ	ଶାରଦ ଏକ	୦.୦୦୬୬୦୦୦(ହେକ୍ଟର)	୦.୦୦୬୬୦୦୦
୧୬୬.	୪୭୮	ବେସରକାରୀ	ଶାରଦ ଏକ	୦.୦୧୭୭୦୦୦(ହେକ୍ଟର)	୦.୦୧୭୭୦୦୦
୧୬୭.	୪୭୯	ବେସରକାରୀ	ଶାରଦ ଏକ	୦.୦୦୩୩୦୦୦(ହେକ୍ଟର)	୦.୦୦୩୩୦୦୦
୧୬୮.	୪୮୦	ବେସରକାରୀ	ଶାରଦ ଏକ	୦.୦୨୪୮୦୦୦(ହେକ୍ଟର)	୦.୦୨୪୮୦୦୦
୧୬୯.	୪୮୧	ବେସରକାରୀ	ଶାରଦ ଏକ	୦.୦୦୫୭୦୦୦(ହେକ୍ଟର)	୦.୦୦୫୭୦୦୦
୧୭୦.	୪୮୨	ବେସରକାରୀ	ଶାରଦ ଏକ	୦.୦୧୨୯୦୦୦(ହେକ୍ଟର)	୦.୦୧୨୯୦୦୦
୧୭୧.	୪୮୩	ବେସରକାରୀ	ଶାରଦ ଏକ	୦.୦୦୧୮୦୦୦(ହେକ୍ଟର)	୦.୦୦୧୮୦୦୦
୧୭୨.	୪୮୪	ବେସରକାରୀ	ଶାରଦ ଏକ	୦.୦୩୧୫୦୦୦(ହେକ୍ଟର)	୦.୦୩୧୫୦୦୦
୧୭୩.	୪୮୫	ବେସରକାରୀ	ଶାରଦ ଏକ	୦.୦୦୬୩୦୦୦(ହେକ୍ଟର)	୦.୦୦୬୩୦୦୦
୧୭୪.	୪୮୬	ବେସରକାରୀ	ଶାରଦ ଏକ	୦.୦୧୯୧୦୦୦(ହେକ୍ଟର)	୦.୦୧୯୧୦୦୦
୧୭୫.	୪୮୭	ବେସରକାରୀ	ଶାରଦ ଏକ	୦.୦୦୩୮୦୦୦(ହେକ୍ଟର)	୦.୦୦୩୮୦୦୦
୧୭୬.	୪୮୮	ବେସରକାରୀ	ଶାରଦ ଏକ	୦.୦୨୫୬୦୦୦(ହେକ୍ଟର)	୦.୦୨୫୬୦୦୦
୧୭୭.	୪୮୯	ବେସରକାରୀ	ଶାରଦ ଏକ	୦.୦୦୪୭୦୦୦(ହେକ୍ଟର)	୦.୦୦୪୭୦୦୦
୧୭୮.	୪୯୦	ବେସରକାରୀ	ଶାରଦ ଏକ	୦.୦୧୩୪୦୦୦(ହେକ୍ଟର)	୦.୦୧୩୪୦୦୦
୧୭୯.	୪୯୧	ବେସରକାରୀ	ଶାରଦ ଏକ	୦.୦୦୭୯୦୦୦(ହେକ୍ଟର)	୦.୦୦୭୯୦୦୦
୧୮୦.	୪୯୨	ବେସରକାରୀ	ଶାରଦ ଏକ	୦.୦୨୧୧୦୦୦(ହେକ୍ଟର)	୦.୦୨୧୧୦୦୦
୧୮୧.	୪୯୩	ବେସରକାରୀ	ଶାରଦ ଏକ	୦.୦୦୨୯୦୦୦(ହେକ୍ଟର)	୦.୦୦୨୯୦୦୦
୧୮୨.	୪୯୪	ବେସରକାରୀ	ଶାରଦ ଏକ	୦.୦୧୬୯୦୦୦(ହେକ୍ଟର)	୦.୦୧୬୯୦୦୦
୧୮୩.	୪୯୫	ବେସରକାରୀ	ଶାରଦ ଏକ	୦.୦୦୫୪୦୦୦(ହେକ୍ଟର)	୦.୦୦୫୪୦୦୦
୧୮୪.	୪୯୬	ବେସରକାରୀ	ଶାରଦ ଏକ	୦.୦୩୦୩୦୦୦(ହେକ୍ଟର)	୦.୦୩୦୩୦୦୦
୧୮୫.	୪୯୭	ବେସରକାରୀ	ଶାରଦ ଏକ	୦.୦୦୪୧୦୦୦(ହେକ୍ଟର)	୦.୦୦୪୧୦୦୦
୧୮୬.	୪୯୮	ବେସରକାରୀ	ଶାରଦ ଏକ	୦.୦୧୧୮୦୦୦(ହେକ୍ଟର)	୦.୦୧୧୮୦୦୦
୧୮୭.	୪୯୯	ବେସରକାରୀ	ଶାରଦ ଏକ	୦.୦୦୬୫୦୦୦(ହେକ୍ଟର)	୦.୦୦୬୫୦୦୦
୧୮୮.	୫୦୦	ବେସରକାରୀ	ଶାରଦ ଏକ	୦.୦୨୩୮୦୦୦(ହେକ୍ଟର)	୦.୦୨୩୮୦୦୦
୧୮୯.	୫୦୧	ବେସରକାରୀ	ଶାରଦ ଏକ	୦.୦୦୩୬୦୦୦(ହେକ୍ଟର)	୦.୦୦୩୬୦୦୦
୧୯୦.	୫୦୨	ବେସରକାରୀ	ଶାରଦ ଏକ	୦.୦୧୪୭୦୦୦(ହେକ୍ଟର)	୦.୦୧୪୭୦୦୦
୧୯୧.	୫୦୩	ବେସରକାରୀ	ଶାରଦ ଏକ	୦.୦୦୫୫୦୦୦(ହେକ୍ଟର)	୦.୦୦୫୫୦୦୦
୧୯୨.	୫୦୪	ବେସରକାରୀ	ଶାରଦ ଏକ	୦.୦୨୬୨୦୦୦(ହେକ୍ଟର)	୦.୦୨୬୨୦୦୦
୧୯୩.	୫୦୫	ବେସରକାରୀ	ଶାରଦ ଏକ	୦.୦୦୪୪୦୦୦(ହେକ୍ଟର)	୦.୦୦୪୪୦୦୦
୧୯୪.	୫୦୬	ବେସରକାରୀ	ଶାରଦ ଏକ	୦.୦୧୨୩୦୦୦(ହେକ୍ଟର)	୦.୦୧୨୩୦୦୦
୧୯୫.	୫୦୭	ବେସରକାରୀ	ଶାରଦ ଏକ	୦.୦୦୭୦୦୦୦(ହେକ୍ଟର)	୦.୦୦୭୦୦୦୦
୧୯୬.	୫୦୮	ସରକାରୀ	ରାସ୍ତା	୦.୦୧୮୯୦୦୦(ହେକ୍ଟର)	୦.୦୧୮୯୦୦୦
୧୯୭.	୫୦୯	ବେସରକାରୀ	ଶାରଦ ଏକ	୦.୦୦୩୨୦୦୦(ହେକ୍ଟର)	୦.୦୦୩୨୦୦୦
୧୯୮.	୫୧୦	ବେସରକାରୀ	ଶାରଦ ଏକ	୦.୦୨୦୧୦୦୦(ହେକ୍ଟର)	୦.୦୨୦୧୦୦୦
୧୯୯.	୫୧୧	ବେସରକାରୀ	ଶାରଦ ଏକ	୦.୦୦୫୯୦୦୦(ହେକ୍ଟର)	୦.୦୦୫୯୦୦୦
୨୦୦.	୫୧୨	ବେସରକାରୀ	ଶାରଦ ଏକ	୦.୦୧୫୮୦୦୦(ହେକ୍ଟର)	୦.୦୧୫୮୦୦୦
୨୦୧.	୫୧୩	ବେସରକାରୀ	ଶାରଦ ଏକ	୦.୦୦୨୪୦୦୦(ହେକ୍ଟର)	୦.୦୦୨୪୦୦୦
୨୦୨.	୫୧୪	ବେସରକାରୀ	ଶାରଦ ଏକ	୦.୦୨୭୮୦୦୦(ହେକ୍ଟର)	୦.୦୨୭୮୦୦୦
୨୦୩.	୫୧୫	ବେସରକାରୀ	ଶାରଦ ଏକ	୦.୦୦୬୨୦୦୦(ହେକ୍ଟର)	୦.୦୦୬୨୦୦୦
୨୦୪.	୫୧୬	ବେସରକାରୀ	ଶାରଦ ଏକ	୦.୦୧୧୩୦୦୦(ହେକ୍ଟର)	୦.୦୧୧୩୦୦୦
୨୦୫.	୫୧୭	ବେସରକାରୀ	ଶାରଦ ଏକ	୦.୦୦୪୮୦୦୦(ହେକ୍ଟର)	୦.୦୦୪୮୦୦୦
			ସମୁଦାୟ	୧୦.୨୫୪୦	୧୦.୨୫୪୦
[F.No. NHAI/11014/01/Rat-Digha(LA-3a)/2018/PIU/BBSR/3A1]
RAJESH GUPTA, Dy. Secy.
